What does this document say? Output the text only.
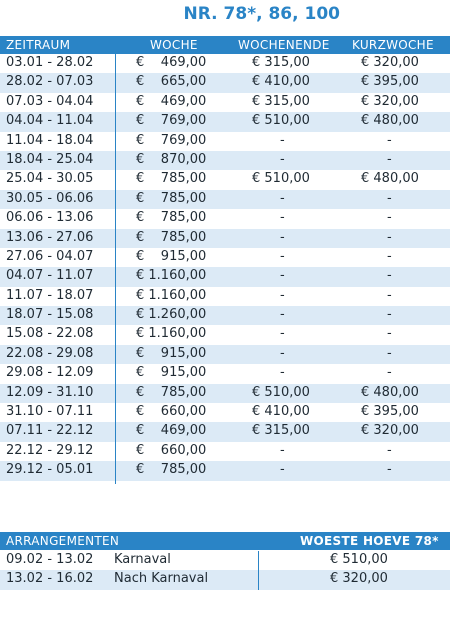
NR. 78*, 86, 100
ZEITRAUM	WOCHE	WOCHENENDE KURZWOCHE
03.01 - 28.02	€    469,00	€ 315,00	€ 320,00
28.02 - 07.03	€    665,00	€ 410,00	€ 395,00
07.03 - 04.04	€    469,00	€ 315,00	€ 320,00
04.04 - 11.04	€    769,00	€ 510,00	€ 480,00
11.04 - 18.04	€    769,00	-	-
18.04 - 25.04	€    870,00	-	-
25.04 - 30.05	€    785,00	€ 510,00	€ 480,00
30.05 - 06.06	€    785,00	-	-
06.06 - 13.06	€    785,00	-	-
13.06 - 27.06	€    785,00	-	-
27.06 - 04.07	€    915,00	-	-
04.07 - 11.07	€ 1.160,00	-	-
11.07 - 18.07	€ 1.160,00	-	-
18.07 - 15.08	€ 1.260,00	-	-
15.08 - 22.08	€ 1.160,00	-	-
22.08 - 29.08	€    915,00	-	-
29.08 - 12.09	€    915,00	-	-
12.09 - 31.10	€    785,00	€ 510,00	€ 480,00
31.10 - 07.11	€    660,00	€ 410,00	€ 395,00
07.11 - 22.12	€    469,00	€ 315,00	€ 320,00
22.12 - 29.12	€    660,00	-	-
29.12 - 05.01	€    785,00	-	-
ARRANGEMENTEN	WOESTE HOEVE 78*
09.02 - 13.02 Karnaval	€ 510,00
13.02 - 16.02 Nach Karnaval	€ 320,00
